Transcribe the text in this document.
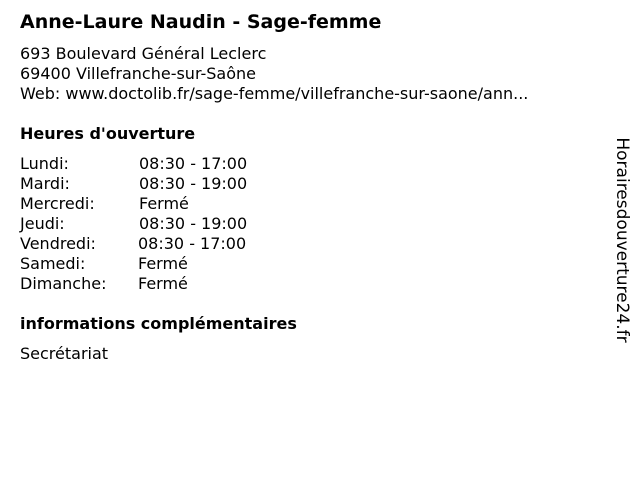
Anne-Laure Naudin - Sage-femme
693 Boulevard Général Leclerc
69400 Villefranche-sur-Saône
Web: www.doctolib.fr/sage-femme/villefranche-sur-saone/ann...
Heures d'ouverture
Lundi:	08:30 - 17:00
Mardi:	08:30 - 19:00
Mercredi:	Fermé
Jeudi:	08:30 - 19:00
Vendredi:	08:30 - 17:00
Samedi:	Fermé
Dimanche: Fermé
informations complémentaires
Secrétariat
Horairesdouverture24.fr
